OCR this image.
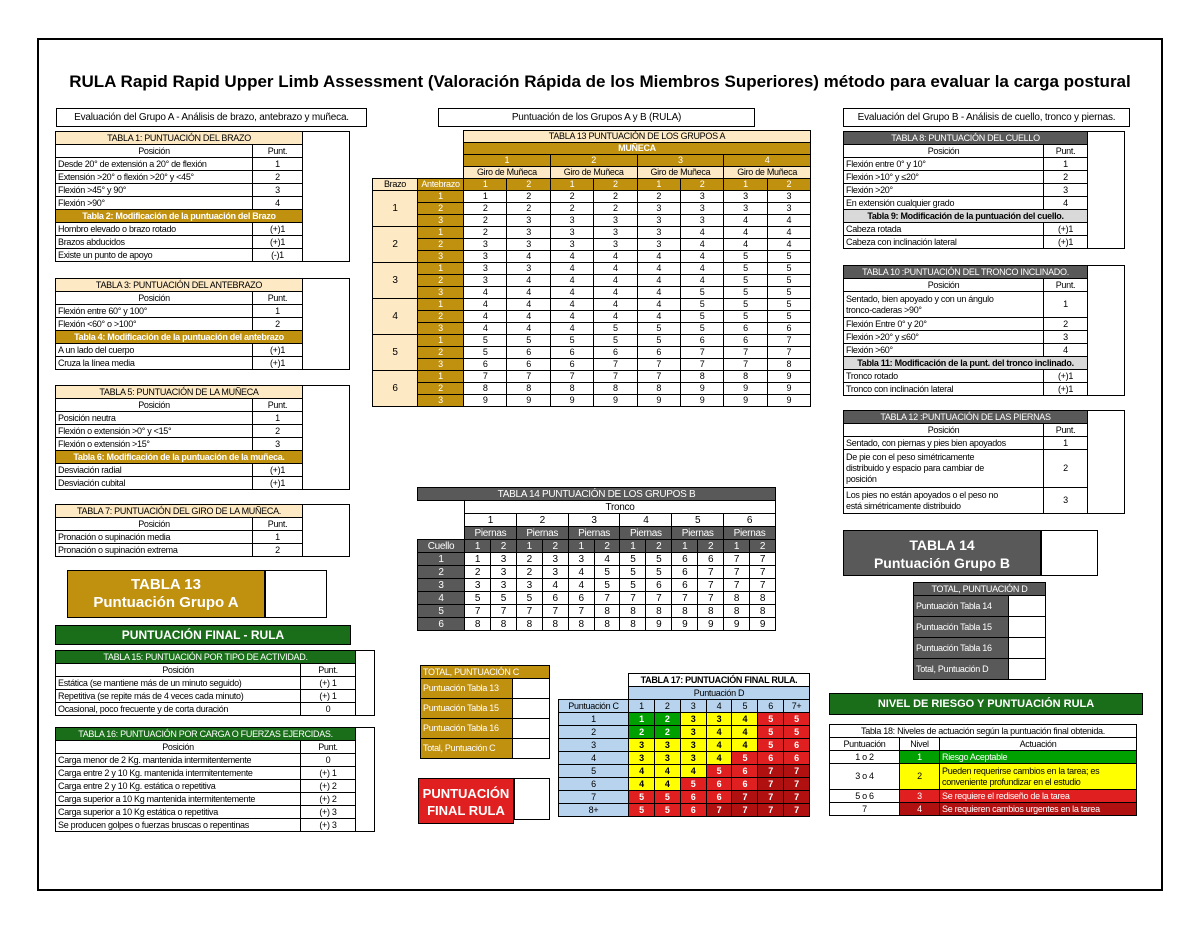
RULA Rapid Rapid Upper Limb Assessment (Valoración Rápida de los Miembros Superiores) método para evaluar la carga postural
Evaluación del Grupo A - Análisis de brazo, antebrazo y muñeca.	Puntuación de los Grupos A y B (RULA)	Evaluación del Grupo B - Análisis de cuello, tronco y piernas.
TABLA 1: PUNTUACIÓN DEL BRAZO		
Posición	Punt.	
Desde 20° de extensión a 20° de flexión	1	
Extensión >20° o flexión >20° y <45°	2	
Flexión >45° y 90°	3	
Flexión >90°	4	
Tabla 2: Modificación de la puntuación del Brazo		
Hombro elevado o brazo rotado	(+)1	
Brazos abducidos	(+)1	
Existe un punto de apoyo	(-)1	
TABLA 3: PUNTUACIÓN DEL ANTEBRAZO		
Posición	Punt.	
Flexión entre 60° y 100°	1	
Flexión <60° o >100°	2	
Tabla 4: Modificación de la puntuación del antebrazo		
A un lado del cuerpo	(+)1	
Cruza la línea media	(+)1	
TABLA 5: PUNTUACIÓN DE LA MUÑECA		
Posición	Punt.	
Posición neutra	1	
Flexión o extensión >0° y <15°	2	
Flexión o extensión >15°	3	
Tabla 6: Modificación de la puntuación de la muñeca.		
Desviación radial	(+)1	
Desviación cubital	(+)1	
TABLA 7: PUNTUACIÓN DEL GIRO DE LA MUÑECA.		
Posición	Punt.	
Pronación o supinación media	1	
Pronación o supinación extrema	2	
TABLA 13
Puntuación Grupo A
PUNTUACIÓN FINAL - RULA
TABLA 15: PUNTUACIÓN POR TIPO DE ACTIVIDAD.		
Posición	Punt.	
Estática (se mantiene más de un minuto seguido)	(+) 1	
Repetitiva (se repite más de 4 veces cada minuto)	(+) 1	
Ocasional, poco frecuente y de corta duración	0	
TABLA 16: PUNTUACIÓN POR CARGA O FUERZAS EJERCIDAS.		
Posición	Punt.	
Carga menor de 2 Kg. mantenida intermitentemente	0	
Carga entre 2 y 10 Kg. mantenida intermitentemente	(+) 1	
Carga entre 2 y 10 Kg. estática o repetitiva	(+) 2	
Carga superior a 10 Kg mantenida intermitentemente	(+) 2	
Carga superior a 10 Kg estática o repetitiva	(+) 3	
Se producen golpes o fuerzas bruscas o repentinas	(+) 3	
		TABLA 13 PUNTUACIÓN DE LOS GRUPOS A							
		MUÑECA							
		1		2		3		4	
		Giro de Muñeca		Giro de Muñeca		Giro de Muñeca		Giro de Muñeca	
Brazo	Antebrazo	1	2	1	2	1	2	1	2
1	1	1	2	2	2	2	3	3	3
	2	2	2	2	2	3	3	3	3
	3	2	3	3	3	3	3	4	4
2	1	2	3	3	3	3	4	4	4
	2	3	3	3	3	3	4	4	4
	3	3	4	4	4	4	4	5	5
3	1	3	3	4	4	4	4	5	5
	2	3	4	4	4	4	4	5	5
	3	4	4	4	4	4	5	5	5
4	1	4	4	4	4	4	5	5	5
	2	4	4	4	4	4	5	5	5
	3	4	4	4	5	5	5	6	6
5	1	5	5	5	5	5	6	6	7
	2	5	6	6	6	6	7	7	7
	3	6	6	6	7	7	7	7	8
6	1	7	7	7	7	7	8	8	9
	2	8	8	8	8	8	9	9	9
	3	9	9	9	9	9	9	9	9
TABLA 14 PUNTUACIÓN DE LOS GRUPOS B												
	Tronco											
	1		2		3		4		5		6	
	Piernas		Piernas		Piernas		Piernas		Piernas		Piernas	
Cuello	1	2	1	2	1	2	1	2	1	2	1	2
1	1	3	2	3	3	4	5	5	6	6	7	7
2	2	3	2	3	4	5	5	5	6	7	7	7
3	3	3	3	4	4	5	5	6	6	7	7	7
4	5	5	5	6	6	7	7	7	7	7	8	8
5	7	7	7	7	7	8	8	8	8	8	8	8
6	8	8	8	8	8	8	8	9	9	9	9	9
TOTAL, PUNTUACIÓN C	
Puntuación Tabla 13	
Puntuación Tabla 15	
Puntuación Tabla 16	
Total, Puntuación C	
PUNTUACIÓN
FINAL RULA
	TABLA 17: PUNTUACIÓN FINAL RULA.						
	Puntuación D						
Puntuación C	1	2	3	4	5	6	7+
1	1	2	3	3	4	5	5
2	2	2	3	4	4	5	5
3	3	3	3	4	4	5	6
4	3	3	3	4	5	6	6
5	4	4	4	5	6	7	7
6	4	4	5	6	6	7	7
7	5	5	6	6	7	7	7
8+	5	5	6	7	7	7	7
TABLA 8: PUNTUACIÓN DEL CUELLO		
Posición	Punt.	
Flexión entre 0° y 10°	1	
Flexión >10° y ≤20°	2	
Flexión >20°	3	
En extensión cualquier grado	4	
Tabla 9: Modificación de la puntuación del cuello.		
Cabeza rotada	(+)1	
Cabeza con inclinación lateral	(+)1	
TABLA 10 :PUNTUACIÓN DEL TRONCO INCLINADO.		
Posición	Punt.	

Sentado, bien apoyado y con un ángulo
tronco-caderas >90°	1	
Flexión Entre 0° y 20°	2	
Flexión >20° y ≤60°	3	
Flexión >60°	4	
Tabla 11: Modificación de la punt. del tronco inclinado.		
Tronco rotado	(+)1	
Tronco con inclinación lateral	(+)1	
TABLA 12 :PUNTUACIÓN DE LAS PIERNAS		
Posición	Punt.	
Sentado, con piernas y pies bien apoyados	1	

De pie con el peso simétricamente
distribuido y espacio para cambiar de
posición	2	

Los pies no están apoyados o el peso no
está simétricamente distribuido	3	
TABLA 14
Puntuación Grupo B
TOTAL, PUNTUACIÓN D	
Puntuación Tabla 14	
Puntuación Tabla 15	
Puntuación Tabla 16	
Total, Puntuación D	
NIVEL DE RIESGO Y PUNTUACIÓN RULA
Tabla 18: Niveles de actuación según la puntuación final obtenida.		
Puntuación	Nivel	Actuación
1 o 2	1	Riesgo Aceptable
3 o 4	2	Pueden requerirse cambios en la tarea; es conveniente profundizar en el estudio
5 o 6	3	Se requiere el rediseño de la tarea
7	4	Se requieren cambios urgentes en la tarea
